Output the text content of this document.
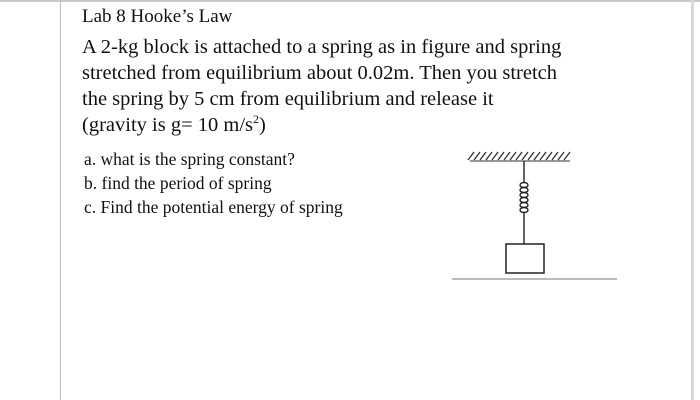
Lab 8 Hooke’s Law
A 2-kg block is attached to a spring as in figure and spring
stretched from equilibrium about 0.02m. Then you stretch
the spring by 5 cm from equilibrium and release it
(gravity is g= 10 $m/s^2$)
a. what is the spring constant?
b. find the period of spring
c. Find the potential energy of spring
